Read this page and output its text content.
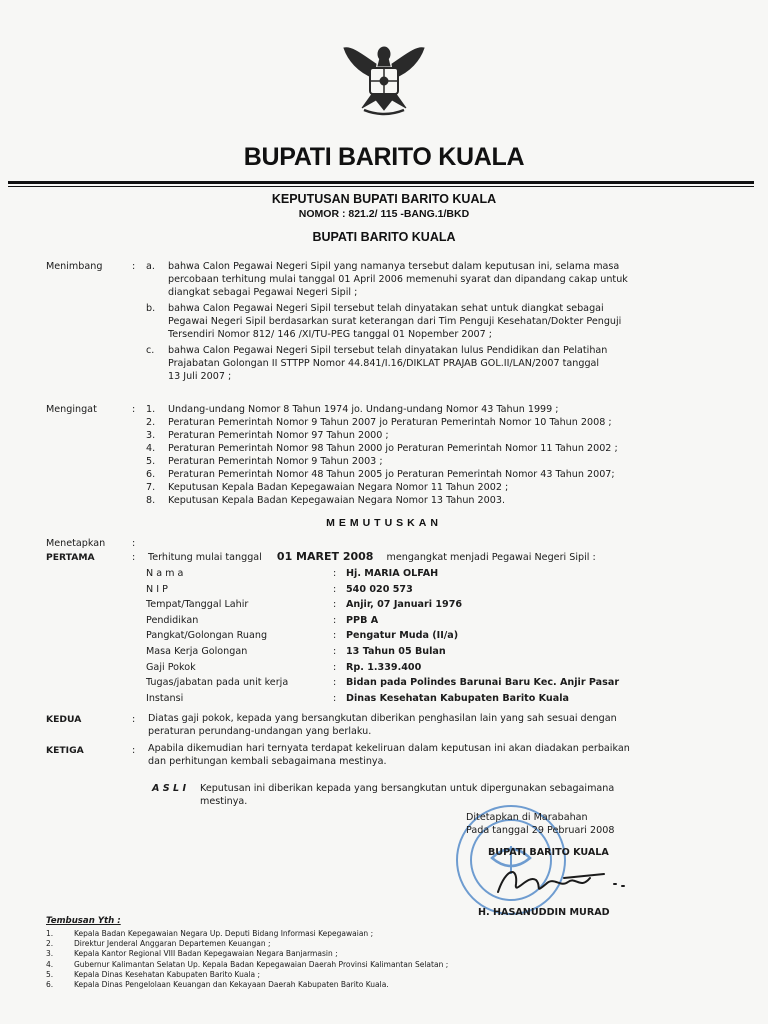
BUPATI BARITO KUALA
KEPUTUSAN BUPATI BARITO KUALA
NOMOR : 821.2/ 115 -BANG.1/BKD
BUPATI BARITO KUALA
Menimbang	: a. bahwa Calon Pegawai Negeri Sipil yang namanya tersebut dalam keputusan ini, selama masa
percobaan terhitung mulai tanggal 01 April 2006 memenuhi syarat dan dipandang cakap untuk
diangkat sebagai Pegawai Negeri Sipil ;
b. bahwa Calon Pegawai Negeri Sipil tersebut telah dinyatakan sehat untuk diangkat sebagai
Pegawai Negeri Sipil berdasarkan surat keterangan dari Tim Penguji Kesehatan/Dokter Penguji
Tersendiri Nomor 812/ 146 /XI/TU-PEG tanggal 01 Nopember 2007 ;
c. bahwa Calon Pegawai Negeri Sipil tersebut telah dinyatakan lulus Pendidikan dan Pelatihan
Prajabatan Golongan II STTPP Nomor 44.841/I.16/DIKLAT PRAJAB GOL.II/LAN/2007 tanggal
13 Juli 2007 ;
Mengingat	: 1. Undang-undang Nomor 8 Tahun 1974 jo. Undang-undang Nomor 43 Tahun 1999 ;
2. Peraturan Pemerintah Nomor 9 Tahun 2007 jo Peraturan Pemerintah Nomor 10 Tahun 2008 ;
3. Peraturan Pemerintah Nomor 97 Tahun 2000 ;
4. Peraturan Pemerintah Nomor 98 Tahun 2000 jo Peraturan Pemerintah Nomor 11 Tahun 2002 ;
5. Peraturan Pemerintah Nomor 9 Tahun 2003 ;
6. Peraturan Pemerintah Nomor 48 Tahun 2005 jo Peraturan Pemerintah Nomor 43 Tahun 2007;
7. Keputusan Kepala Badan Kepegawaian Negara Nomor 11 Tahun 2002 ;
8. Keputusan Kepala Badan Kepegawaian Negara Nomor 13 Tahun 2003.
MEMUTUSKAN
Menetapkan	:
PERTAMA	: Terhitung mulai tanggal 01 MARET 2008 mengangkat menjadi Pegawai Negeri Sipil :
N a m a	: Hj. MARIA OLFAH
N I P	: 540 020 573
Tempat/Tanggal Lahir	: Anjir, 07 Januari 1976
Pendidikan	: PPB A
Pangkat/Golongan Ruang	: Pengatur Muda (II/a)
Masa Kerja Golongan	: 13 Tahun 05 Bulan
Gaji Pokok	: Rp. 1.339.400
Tugas/jabatan pada unit kerja	: Bidan pada Polindes Barunai Baru Kec. Anjir Pasar
Instansi	: Dinas Kesehatan Kabupaten Barito Kuala
KEDUA	: Diatas gaji pokok, kepada yang bersangkutan diberikan penghasilan lain yang sah sesuai dengan
peraturan perundang-undangan yang berlaku.
KETIGA	: Apabila dikemudian hari ternyata terdapat kekeliruan dalam keputusan ini akan diadakan perbaikan
dan perhitungan kembali sebagaimana mestinya.
A S L I Keputusan ini diberikan kepada yang bersangkutan untuk dipergunakan sebagaimana
mestinya.
Ditetapkan di Marabahan
Pada tanggal 29 Pebruari 2008
BUPATI BARITO KUALA
H. HASANUDDIN MURAD
Tembusan Yth :
1.	Kepala Badan Kepegawaian Negara Up. Deputi Bidang Informasi Kepegawaian ;
2.	Direktur Jenderal Anggaran Departemen Keuangan ;
3.	Kepala Kantor Regional VIII Badan Kepegawaian Negara Banjarmasin ;
4.	Gubernur Kalimantan Selatan Up. Kepala Badan Kepegawaian Daerah Provinsi Kalimantan Selatan ;
5.	Kepala Dinas Kesehatan Kabupaten Barito Kuala ;
6.	Kepala Dinas Pengelolaan Keuangan dan Kekayaan Daerah Kabupaten Barito Kuala.
